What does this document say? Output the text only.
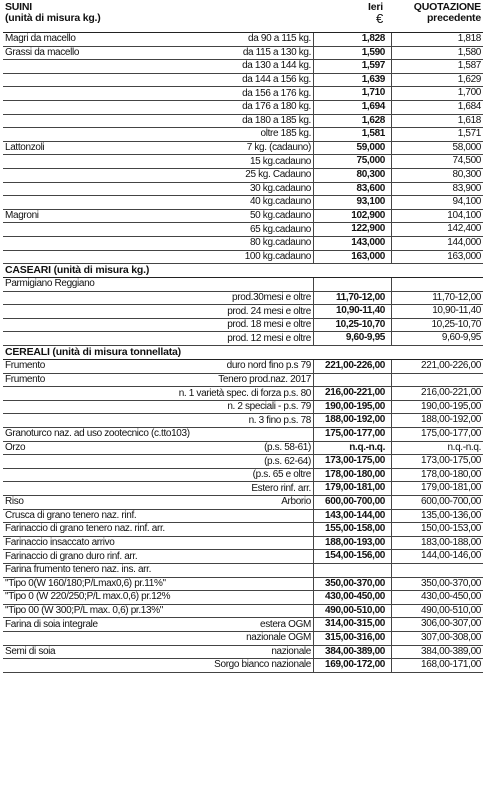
SUINI
(unità di misura kg.)
Ieri
€
QUOTAZIONE
precedente
Magri da macello	da 90 a 115 kg.	1,828	1,818
Grassi da macello	da 115 a 130 kg.	1,590	1,580
da 130 a 144 kg.	1,597	1,587
da 144 a 156 kg.	1,639	1,629
da 156 a 176 kg.	1,710	1,700
da 176 a 180 kg.	1,694	1,684
da 180 a 185 kg.	1,628	1,618
oltre 185 kg.	1,581	1,571
Lattonzoli	7 kg. (cadauno)	59,000	58,000
15 kg.cadauno	75,000	74,500
25 kg. Cadauno	80,300	80,300
30 kg.cadauno	83,600	83,900
40 kg.cadauno	93,100	94,100
Magroni	50 kg.cadauno	102,900	104,100
65 kg.cadauno	122,900	142,400
80 kg.cadauno	143,000	144,000
100 kg.cadauno	163,000	163,000
CASEARI (unità di misura kg.)
Parmigiano Reggiano
prod.30mesi e oltre	11,70-12,00	11,70-12,00
prod. 24 mesi e oltre	10,90-11,40	10,90-11,40
prod. 18 mesi e oltre	10,25-10,70	10,25-10,70
prod. 12 mesi e oltre	9,60-9,95	9,60-9,95
CEREALI (unità di misura tonnellata)
Frumento	duro nord fino p.s 79	221,00-226,00	221,00-226,00
Frumento	Tenero prod.naz. 2017
n. 1 varietà spec. di forza p.s. 80	216,00-221,00	216,00-221,00
n. 2 speciali - p.s. 79	190,00-195,00	190,00-195,00
n. 3 fino p.s. 78	188,00-192,00	188,00-192,00
Granoturco naz. ad uso zootecnico (c.tto103)	175,00-177,00	175,00-177,00
Orzo	(p.s. 58-61)	n.q.-n.q.	n.q.-n.q.
(p.s. 62-64)	173,00-175,00	173,00-175,00
(p.s. 65 e oltre	178,00-180,00	178,00-180,00
Estero rinf. arr.	179,00-181,00	179,00-181,00
Riso	Arborio	600,00-700,00	600,00-700,00
Crusca di grano tenero naz. rinf.	143,00-144,00	135,00-136,00
Farinaccio di grano tenero naz. rinf. arr.	155,00-158,00	150,00-153,00
Farinaccio insaccato arrivo	188,00-193,00	183,00-188,00
Farinaccio di grano duro rinf. arr.	154,00-156,00	144,00-146,00
Farina frumento tenero naz. ins. arr.
"Tipo 0(W 160/180;P/Lmax0,6) pr.11%"	350,00-370,00	350,00-370,00
"Tipo 0 (W 220/250;P/L max.0,6) pr.12%	430,00-450,00	430,00-450,00
"Tipo 00 (W 300;P/L max. 0,6) pr.13%"	490,00-510,00	490,00-510,00
Farina di soia integrale	estera OGM	314,00-315,00	306,00-307,00
nazionale OGM	315,00-316,00	307,00-308,00
Semi di soia	nazionale	384,00-389,00	384,00-389,00
Sorgo bianco nazionale	169,00-172,00	168,00-171,00
